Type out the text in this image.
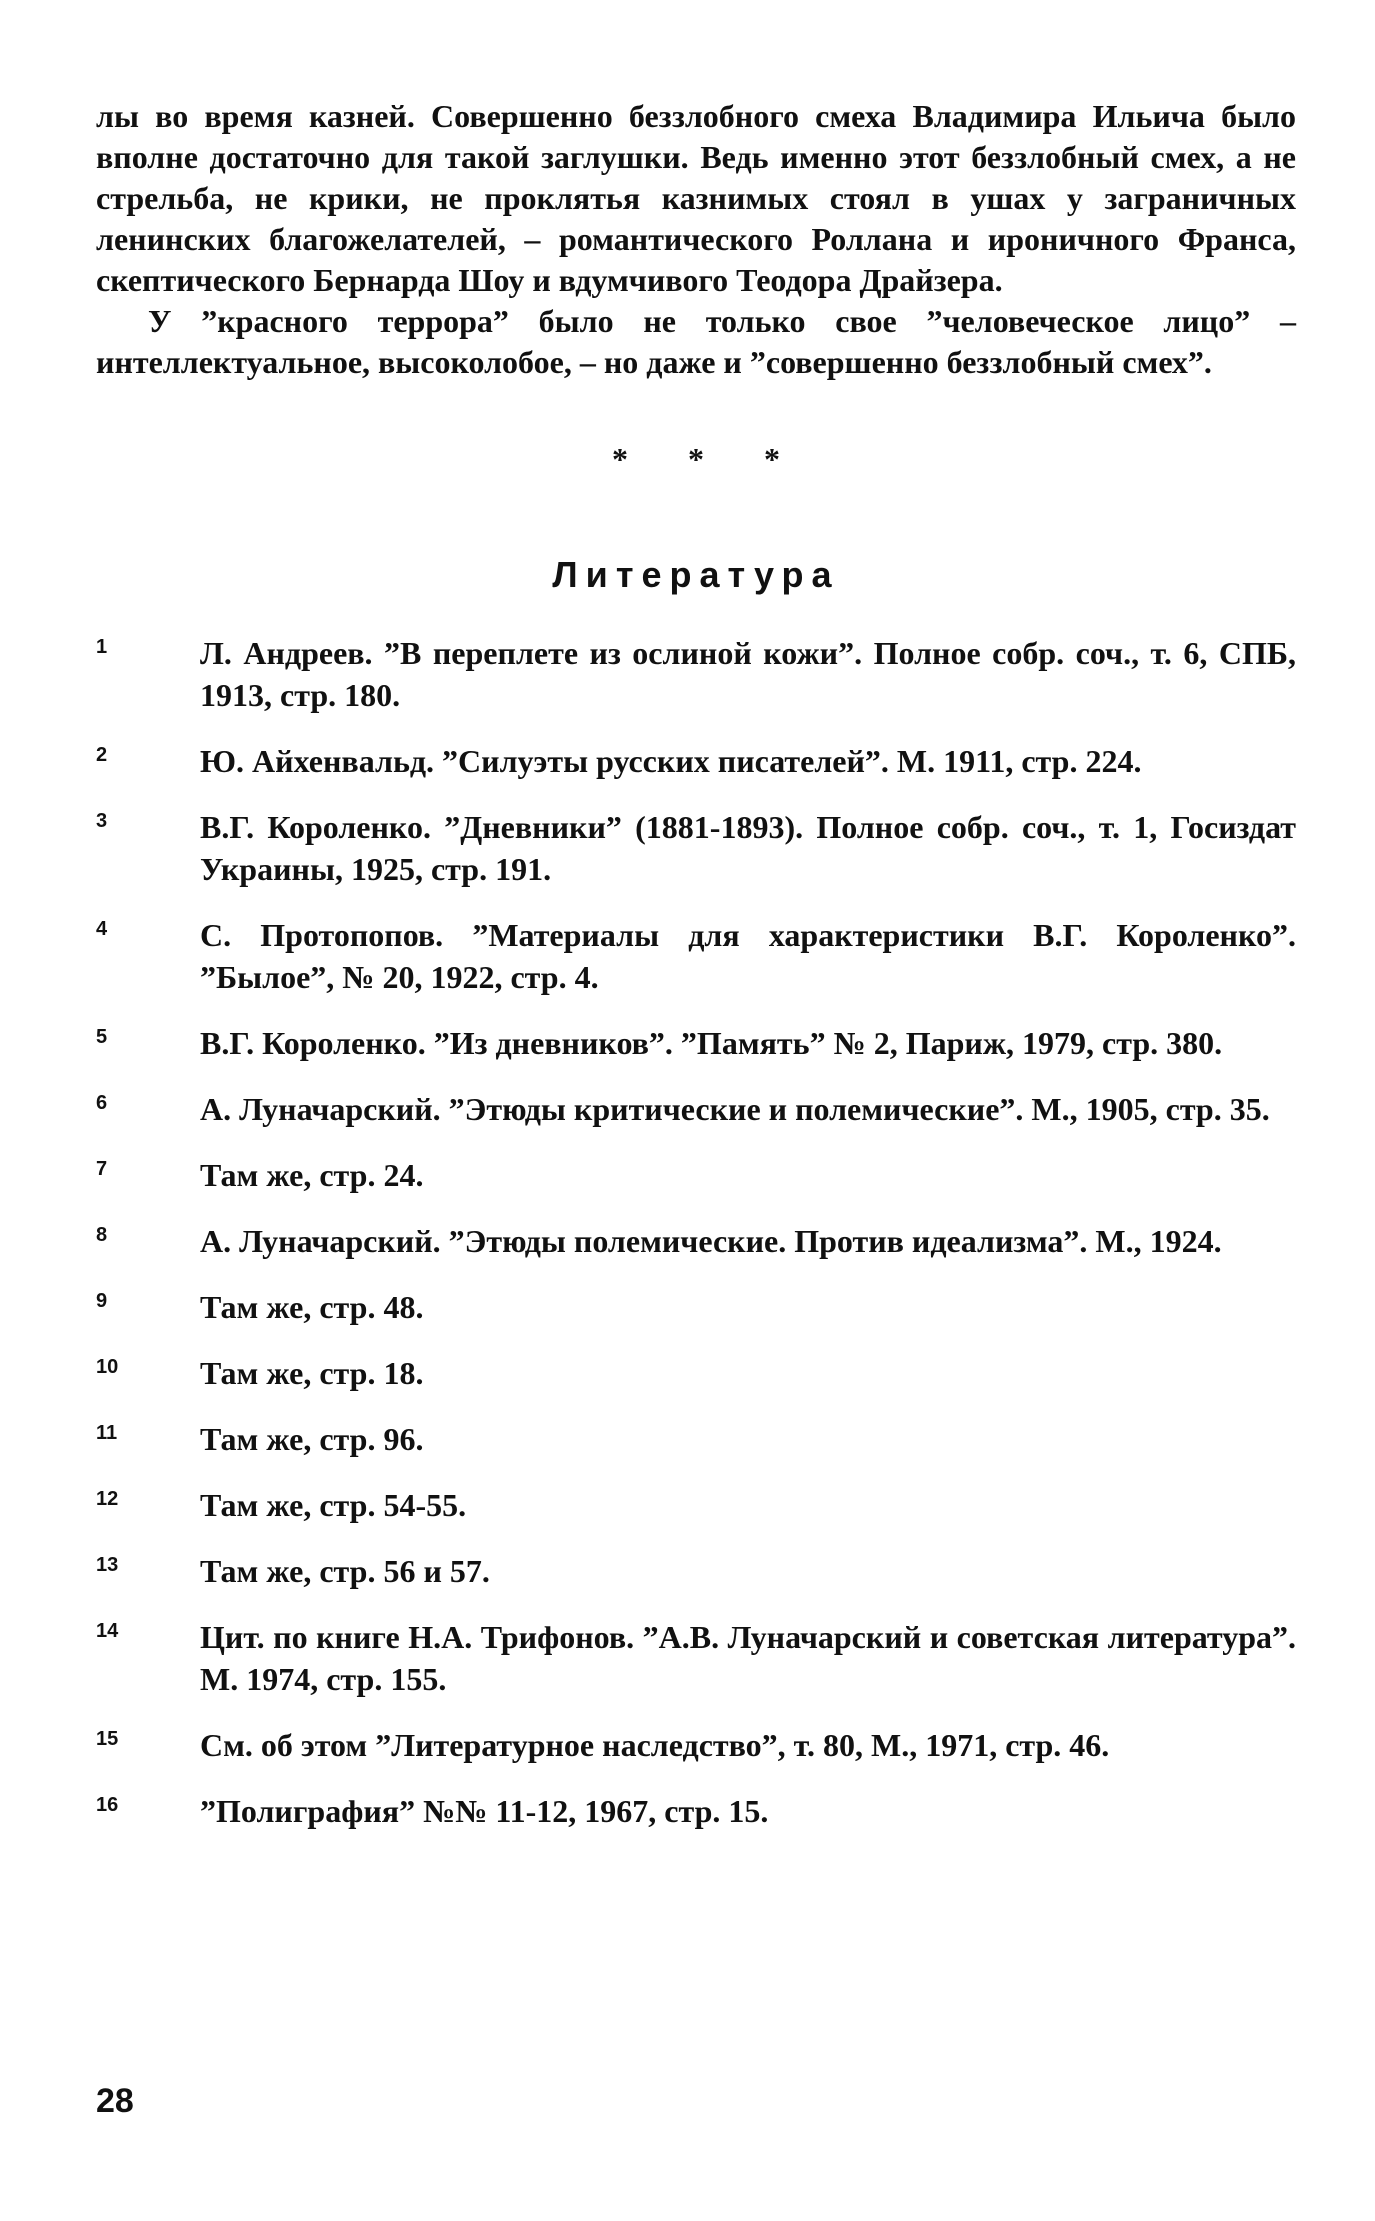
лы во время казней. Совершенно беззлобного смеха Владимира Ильича было вполне достаточно для такой заглушки. Ведь именно этот беззлобный смех, а не стрельба, не крики, не проклятья казнимых стоял в ушах у заграничных ленинских благожелателей, – романтического Роллана и ироничного Франса, скептического Бернарда Шоу и вдумчивого Теодора Драйзера.

У ”красного террора” было не только свое ”человеческое лицо” – интеллектуальное, высоколобое, – но даже и ”совершенно беззлобный смех”.

* * *
Литература
1	Л. Андреев. ”В переплете из ослиной кожи”. Полное собр. соч., т. 6, СПБ, 1913, стр. 180.
2	Ю. Айхенвальд. ”Силуэты русских писателей”. М. 1911, стр. 224.
3	В.Г. Короленко. ”Дневники” (1881-1893). Полное собр. соч., т. 1, Госиздат Украины, 1925, стр. 191.
4	С. Протопопов. ”Материалы для характеристики В.Г. Короленко”. ”Былое”, № 20, 1922, стр. 4.
5	В.Г. Короленко. ”Из дневников”. ”Память” № 2, Париж, 1979, стр. 380.
6	А. Луначарский. ”Этюды критические и полемические”. М., 1905, стр. 35.
7	Там же, стр. 24.
8	А. Луначарский. ”Этюды полемические. Против идеализма”. М., 1924.
9	Там же, стр. 48.
10	Там же, стр. 18.
11	Там же, стр. 96.
12	Там же, стр. 54-55.
13	Там же, стр. 56 и 57.
14	Цит. по книге Н.А. Трифонов. ”А.В. Луначарский и советская литература”. М. 1974, стр. 155.
15	См. об этом ”Литературное наследство”, т. 80, М., 1971, стр. 46.
16	”Полиграфия” №№ 11-12, 1967, стр. 15.
28
